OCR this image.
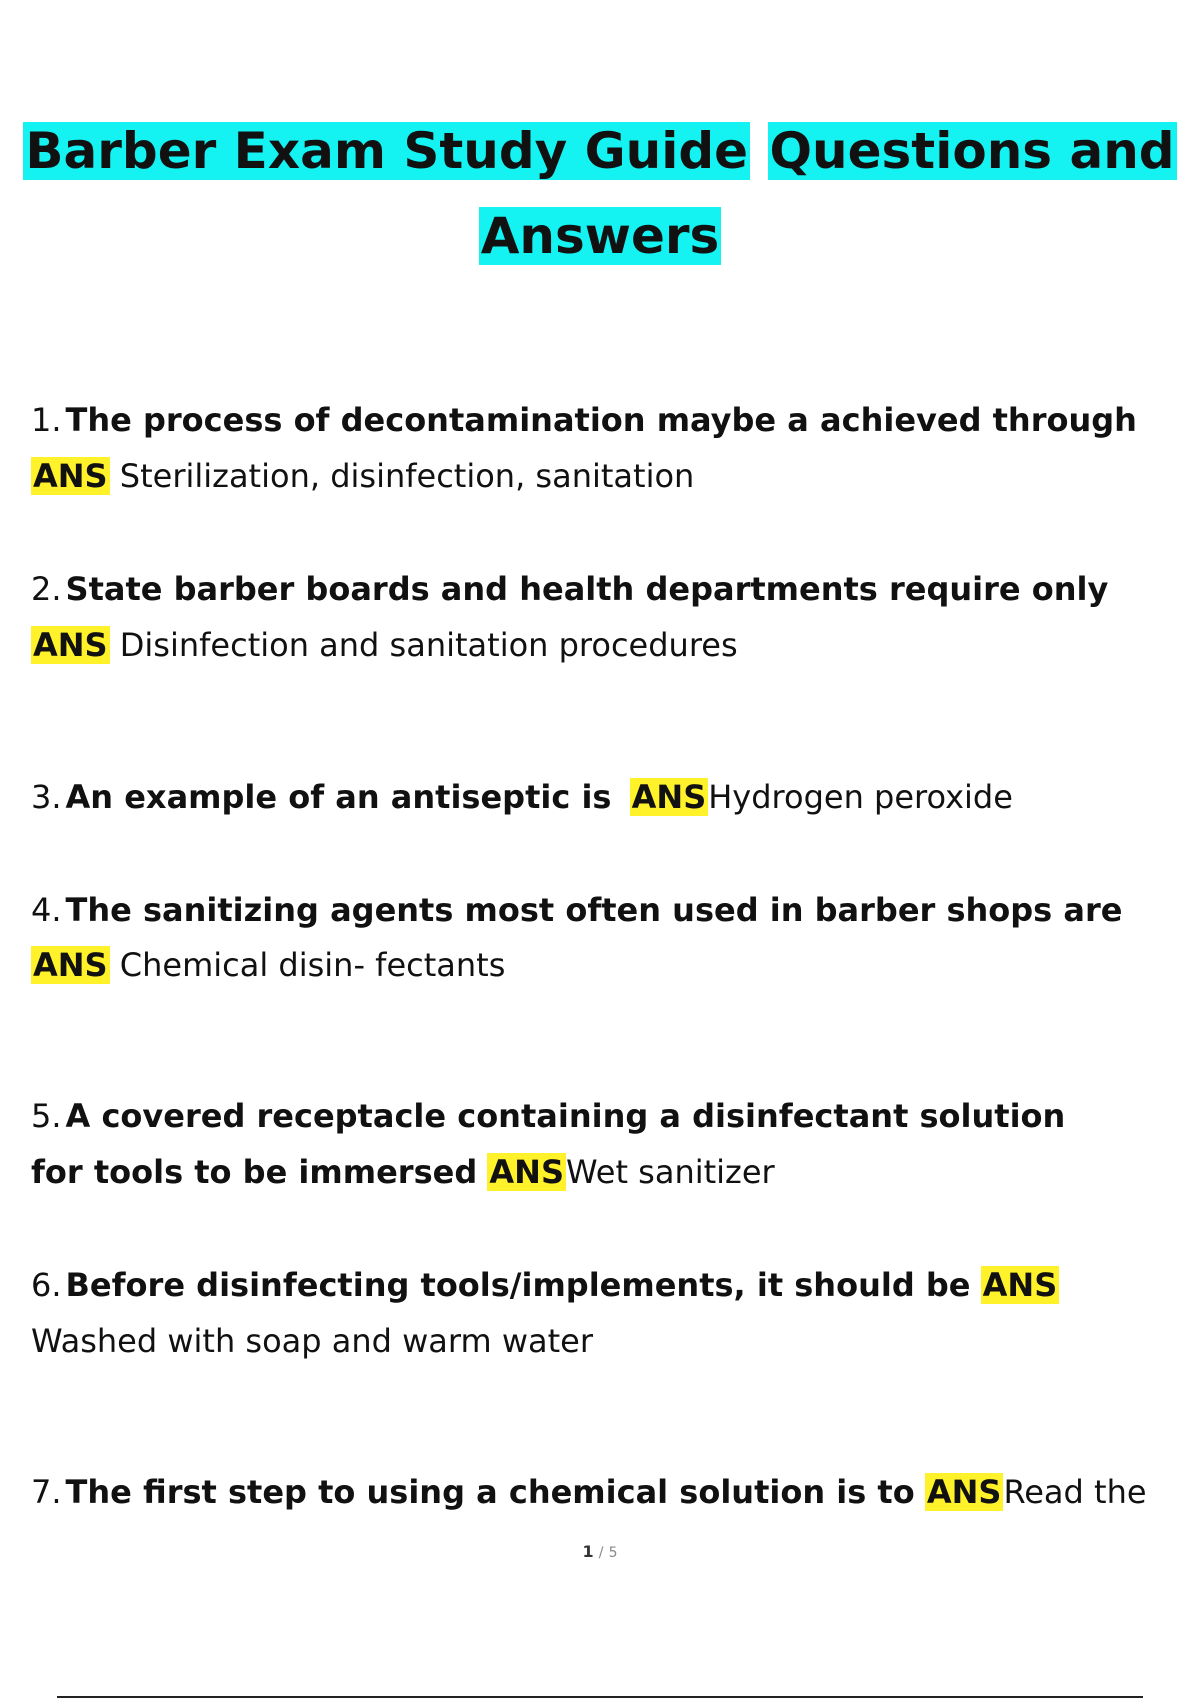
Barber Exam Study Guide Questions and
Answers
1. The process of decontamination maybe a achieved through
ANS Sterilization, disinfection, sanitation
2. State barber boards and health departments require only
ANS Disinfection and sanitation procedures
3. An example of an antiseptic is ANSHydrogen peroxide
4. The sanitizing agents most often used in barber shops are
ANS Chemical disin- fectants
5. A covered receptacle containing a disinfectant solution
for tools to be immersed ANSWet sanitizer
6. Before disinfecting tools/implements, it should be ANS
Washed with soap and warm water
7. The first step to using a chemical solution is to ANSRead the
1 / 5
